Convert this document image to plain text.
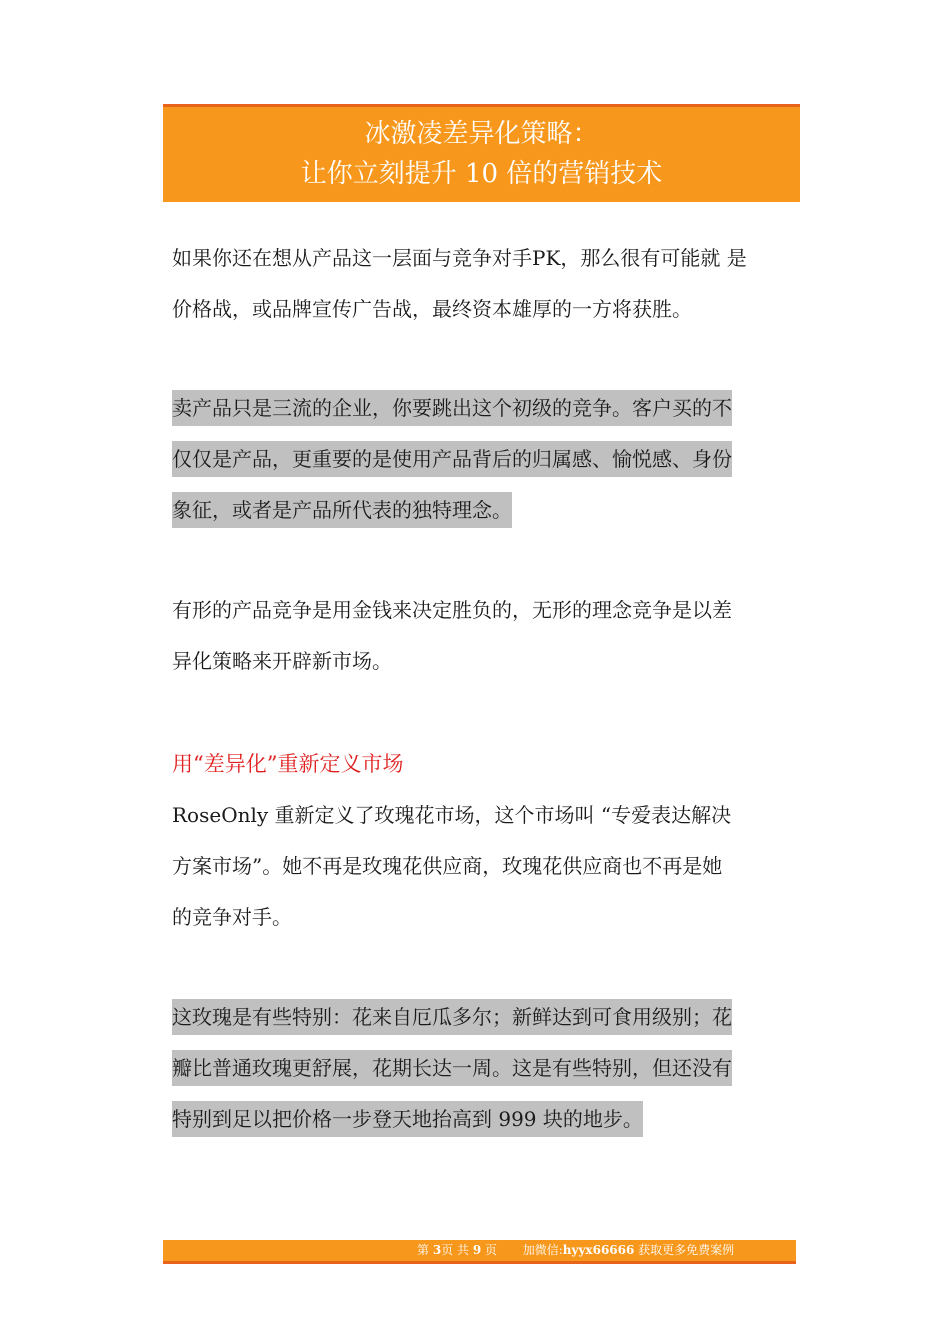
冰激凌差异化策略：
让你立刻提升 10 倍的营销技术
如果你还在想从产品这一层面与竞争对手PK，那么很有可能就 是
价格战，或品牌宣传广告战，最终资本雄厚的一方将获胜。
卖产品只是三流的企业，你要跳出这个初级的竞争。客户买的不
仅仅是产品，更重要的是使用产品背后的归属感、愉悦感、身份
象征，或者是产品所代表的独特理念。
有形的产品竞争是用金钱来决定胜负的，无形的理念竞争是以差
异化策略来开辟新市场。
用“差异化”重新定义市场
RoseOnly 重新定义了玫瑰花市场，这个市场叫 “专爱表达解决
方案市场”。她不再是玫瑰花供应商，玫瑰花供应商也不再是她
的竞争对手。
这玫瑰是有些特别：花来自厄瓜多尔；新鲜达到可食用级别；花
瓣比普通玫瑰更舒展，花期长达一周。这是有些特别，但还没有
特别到足以把价格一步登天地抬高到 999 块的地步。
第 3页 共 9 页 加微信:hyyx66666 获取更多免费案例
